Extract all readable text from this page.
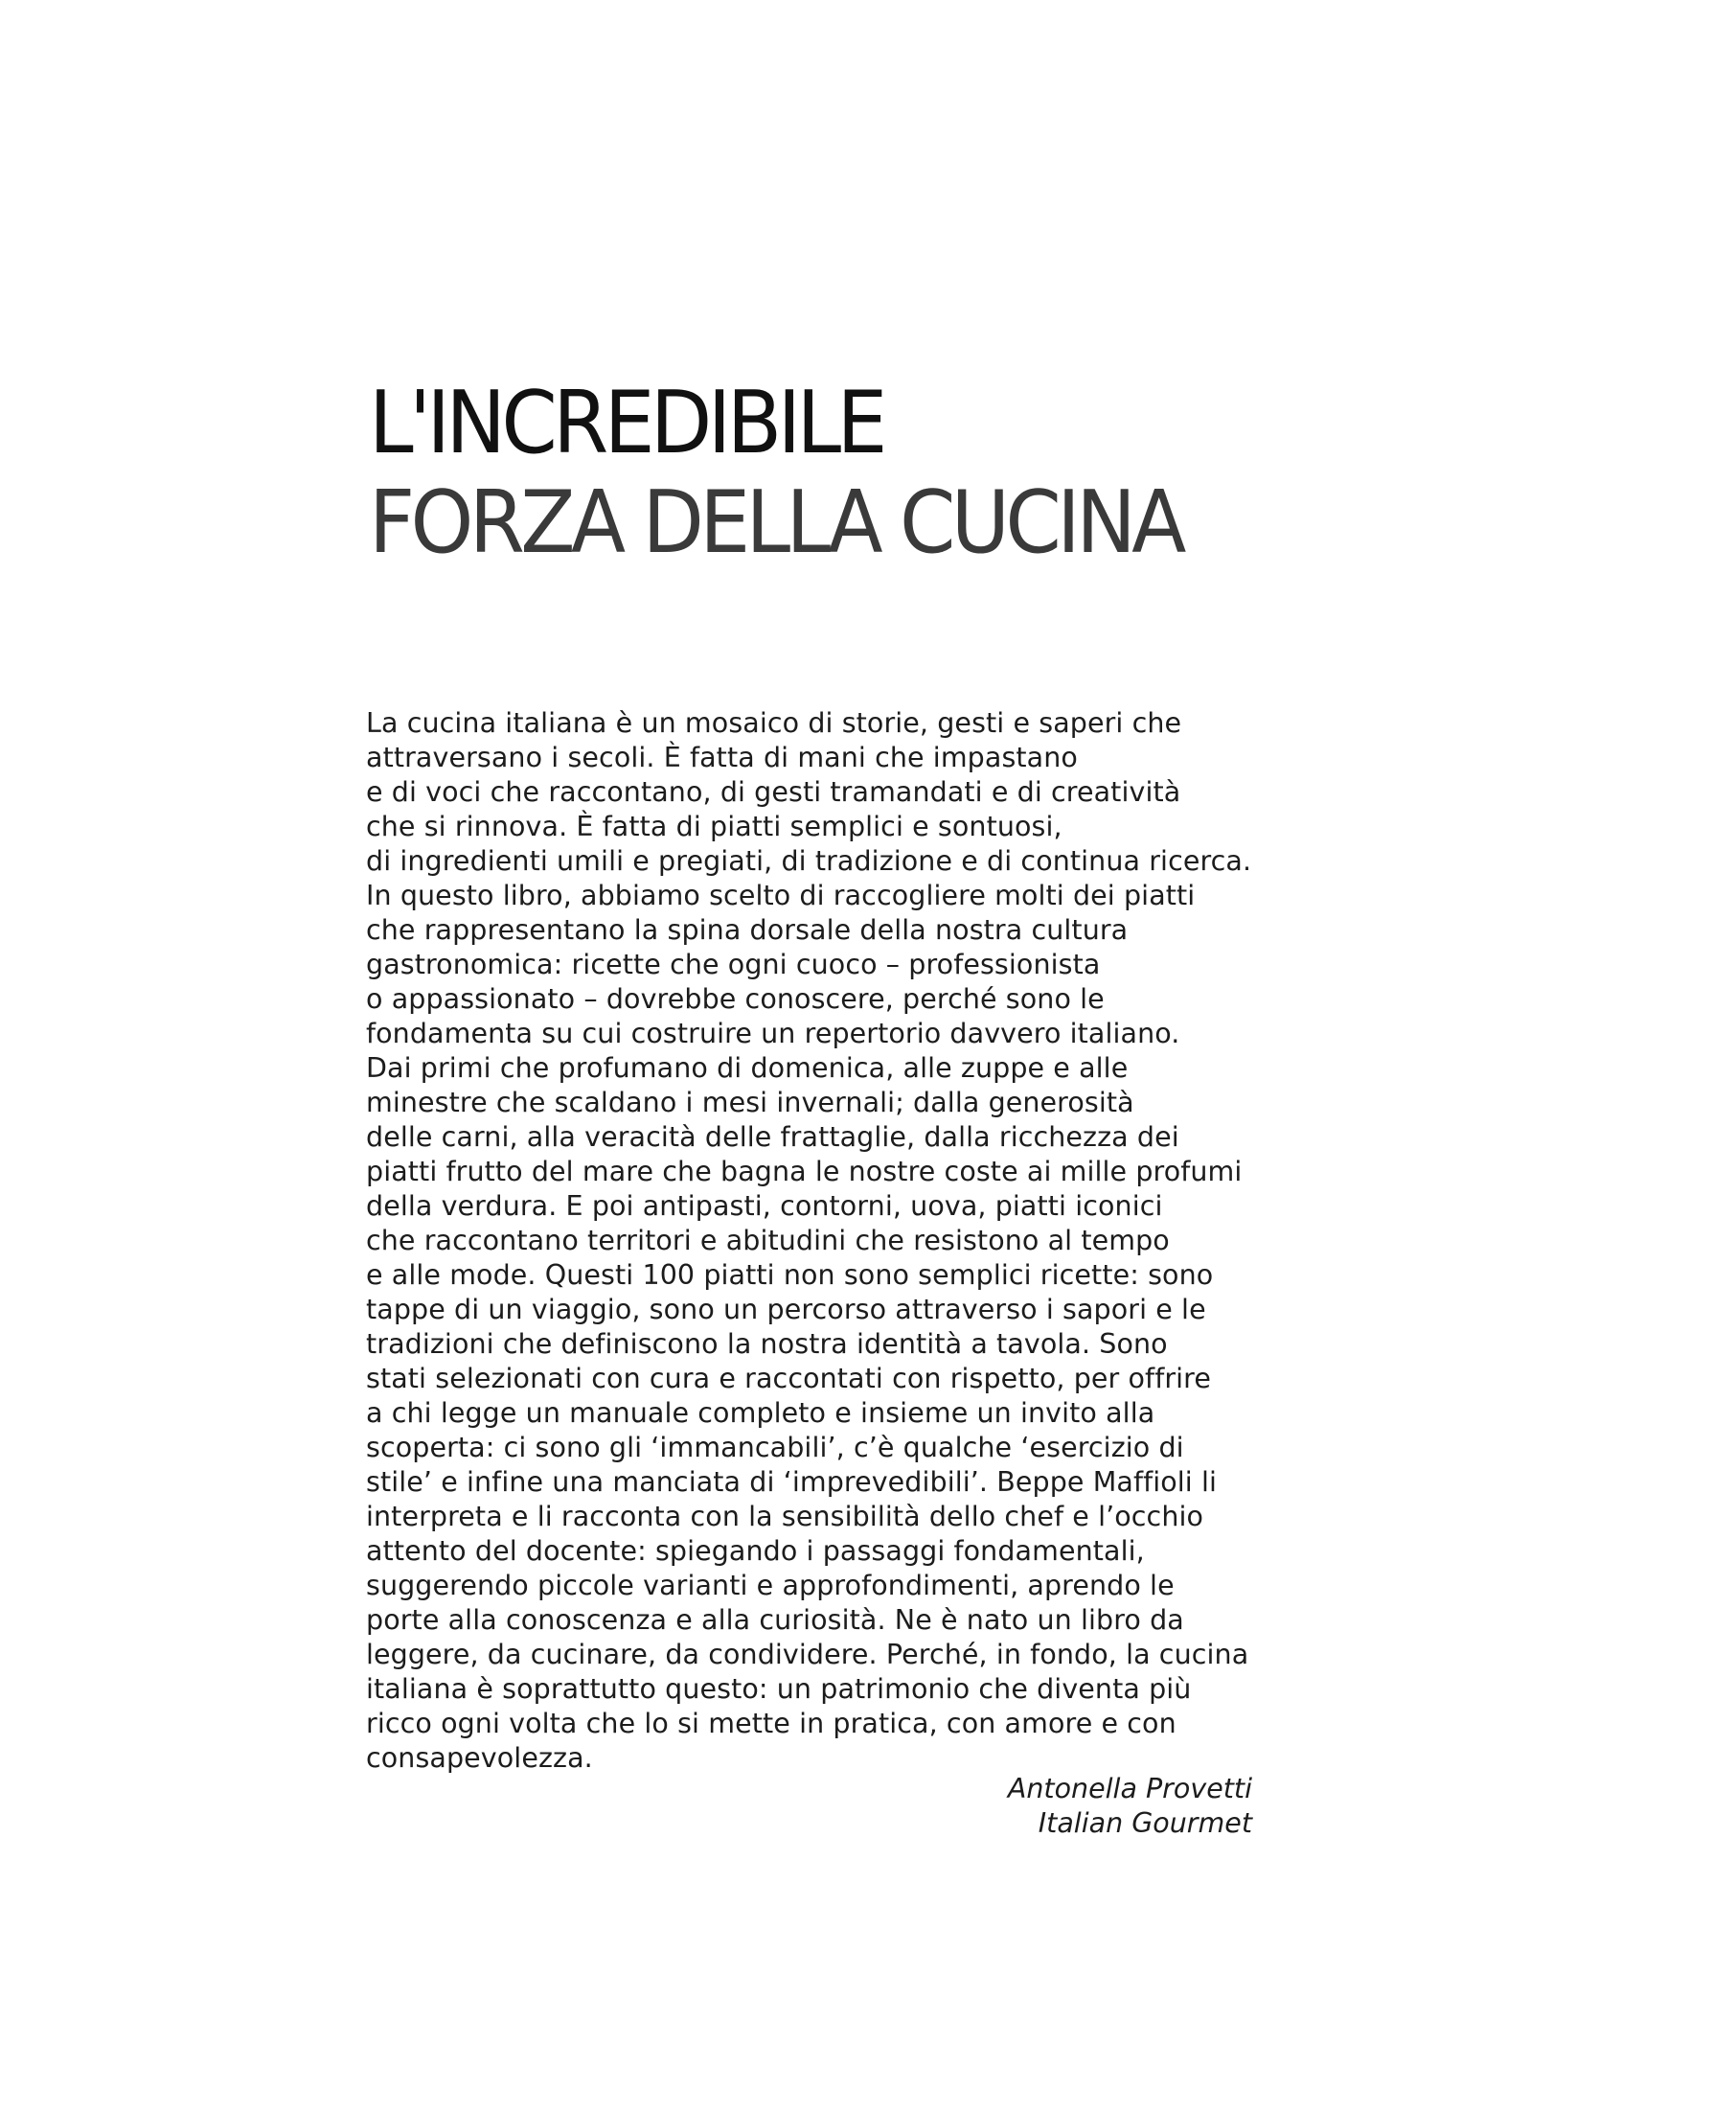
L'INCREDIBILE
FORZA DELLA CUCINA
La cucina italiana è un mosaico di storie, gesti e saperi che
attraversano i secoli. È fatta di mani che impastano
e di voci che raccontano, di gesti tramandati e di creatività
che si rinnova. È fatta di piatti semplici e sontuosi,
di ingredienti umili e pregiati, di tradizione e di continua ricerca.
In questo libro, abbiamo scelto di raccogliere molti dei piatti
che rappresentano la spina dorsale della nostra cultura
gastronomica: ricette che ogni cuoco – professionista
o appassionato – dovrebbe conoscere, perché sono le
fondamenta su cui costruire un repertorio davvero italiano.
Dai primi che profumano di domenica, alle zuppe e alle
minestre che scaldano i mesi invernali; dalla generosità
delle carni, alla veracità delle frattaglie, dalla ricchezza dei
piatti frutto del mare che bagna le nostre coste ai mille profumi
della verdura. E poi antipasti, contorni, uova, piatti iconici
che raccontano territori e abitudini che resistono al tempo
e alle mode. Questi 100 piatti non sono semplici ricette: sono
tappe di un viaggio, sono un percorso attraverso i sapori e le
tradizioni che definiscono la nostra identità a tavola. Sono
stati selezionati con cura e raccontati con rispetto, per offrire
a chi legge un manuale completo e insieme un invito alla
scoperta: ci sono gli ‘immancabili’, c’è qualche ‘esercizio di
stile’ e infine una manciata di ‘imprevedibili’. Beppe Maffioli li
interpreta e li racconta con la sensibilità dello chef e l’occhio
attento del docente: spiegando i passaggi fondamentali,
suggerendo piccole varianti e approfondimenti, aprendo le
porte alla conoscenza e alla curiosità. Ne è nato un libro da
leggere, da cucinare, da condividere. Perché, in fondo, la cucina
italiana è soprattutto questo: un patrimonio che diventa più
ricco ogni volta che lo si mette in pratica, con amore e con
consapevolezza.
Antonella Provetti
Italian Gourmet
